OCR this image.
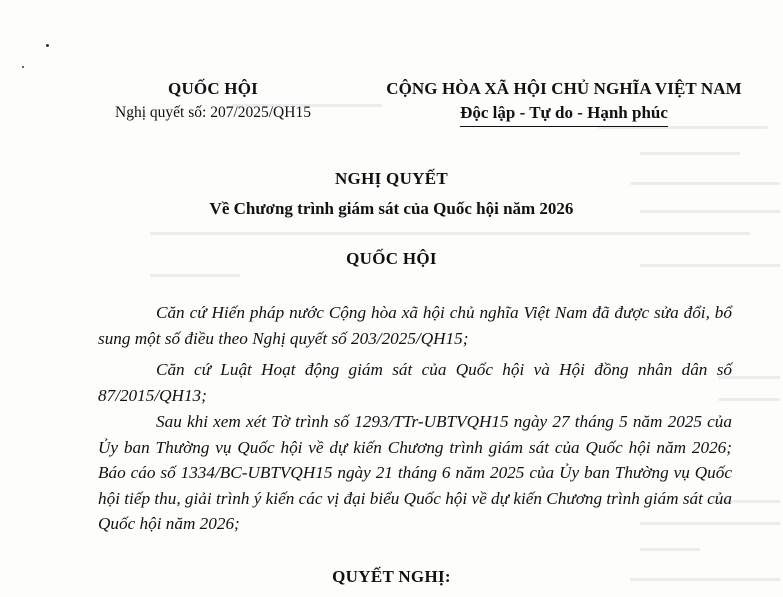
QUỐC HỘI
Nghị quyết số: 207/2025/QH15
CỘNG HÒA XÃ HỘI CHỦ NGHĨA VIỆT NAM
Độc lập - Tự do - Hạnh phúc
NGHỊ QUYẾT
Về Chương trình giám sát của Quốc hội năm 2026
QUỐC HỘI

Căn cứ Hiến pháp nước Cộng hòa xã hội chủ nghĩa Việt Nam đã được sửa đổi, bổ sung một số điều theo Nghị quyết số 203/2025/QH15;

Căn cứ Luật Hoạt động giám sát của Quốc hội và Hội đồng nhân dân số 87/2015/QH13;

Sau khi xem xét Tờ trình số 1293/TTr-UBTVQH15 ngày 27 tháng 5 năm 2025 của Ủy ban Thường vụ Quốc hội về dự kiến Chương trình giám sát của Quốc hội năm 2026; Báo cáo số 1334/BC-UBTVQH15 ngày 21 tháng 6 năm 2025 của Ủy ban Thường vụ Quốc hội tiếp thu, giải trình ý kiến các vị đại biểu Quốc hội về dự kiến Chương trình giám sát của Quốc hội năm 2026;

QUYẾT NGHỊ:
